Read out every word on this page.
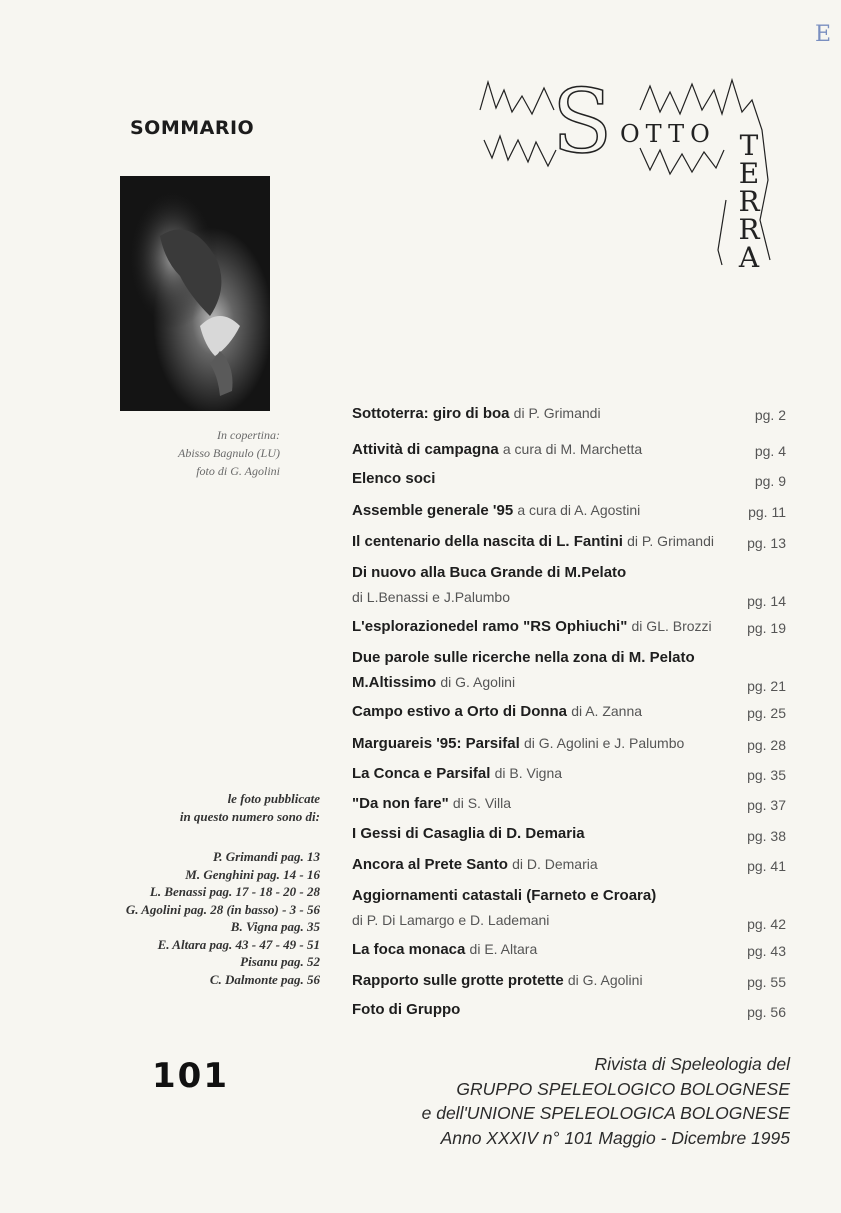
E
SOMMARIO
In copertina:
Abisso Bagnulo (LU)
foto di G. Agolini
S OTTO T
E
R
R
A
Sottoterra: giro di boa di P. Grimandi	pg. 2
Attività di campagna a cura di M. Marchetta	pg. 4
Elenco soci	pg. 9
Assemble generale '95 a cura di A. Agostini	pg. 11
Il centenario della nascita di L. Fantini di P. Grimandi	pg. 13
Di nuovo alla Buca Grande di M.Pelato
di L.Benassi e J.Palumbo	pg. 14
L'esplorazionedel ramo "RS Ophiuchi" di GL. Brozzi	pg. 19
Due parole sulle ricerche nella zona di M. Pelato
M.Altissimo di G. Agolini	pg. 21
Campo estivo a Orto di Donna di A. Zanna	pg. 25
Marguareis '95: Parsifal di G. Agolini e J. Palumbo	pg. 28
La Conca e Parsifal di B. Vigna	pg. 35
"Da non fare" di S. Villa	pg. 37
I Gessi di Casaglia di D. Demaria	pg. 38
Ancora al Prete Santo di D. Demaria	pg. 41
Aggiornamenti catastali (Farneto e Croara)
di P. Di Lamargo e D. Lademani	pg. 42
La foca monaca di E. Altara	pg. 43
Rapporto sulle grotte protette di G. Agolini	pg. 55
Foto di Gruppo	pg. 56
le foto pubblicate
in questo numero sono di:
P. Grimandi pag. 13
M. Genghini pag. 14 - 16
L. Benassi pag. 17 - 18 - 20 - 28
G. Agolini pag. 28 (in basso) - 3 - 56
B. Vigna pag. 35
E. Altara pag. 43 - 47 - 49 - 51
Pisanu pag. 52
C. Dalmonte pag. 56
101	Rivista di Speleologia del
GRUPPO SPELEOLOGICO BOLOGNESE
e dell'UNIONE SPELEOLOGICA BOLOGNESE
Anno XXXIV n° 101 Maggio - Dicembre 1995
